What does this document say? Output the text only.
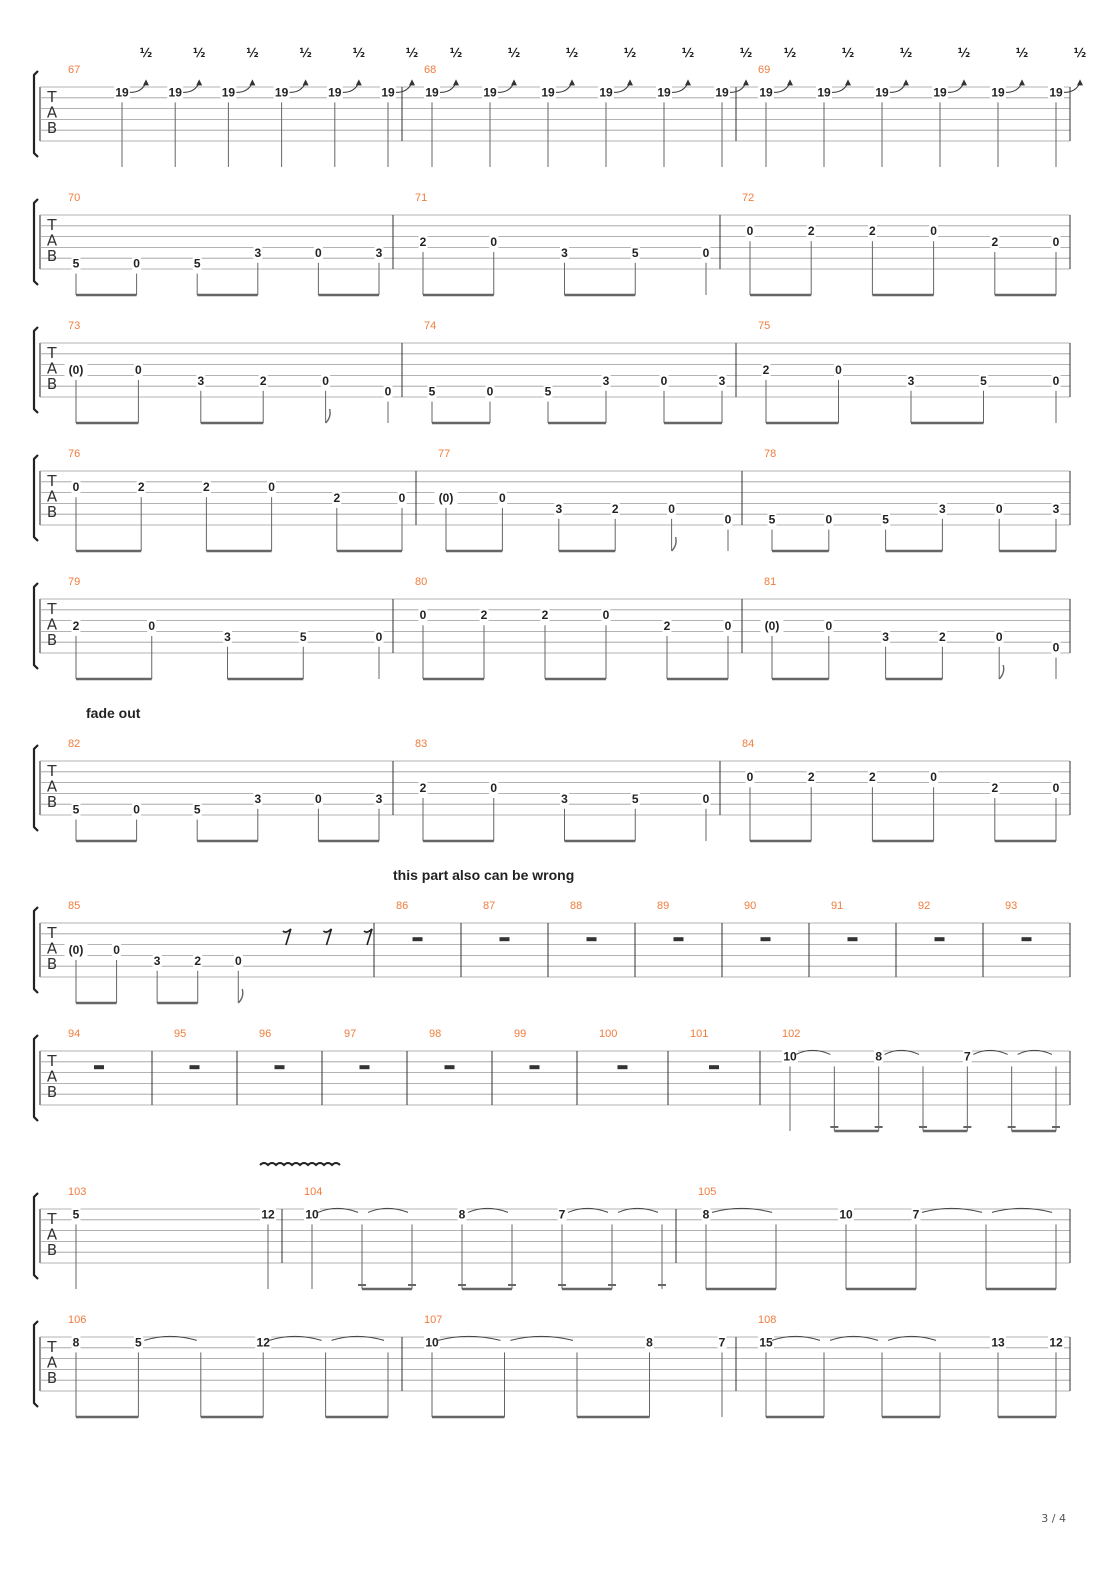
T
A
B
67
19
½
19
½
19
½
19
½
19
½
19
½
68
19
½
19
½
19
½
19
½
19
½
19
½
69
19
½
19
½
19
½
19
½
19
½
19
½
T
A
B
70
5	0	5
3	0	3
71
2	0
3	5	0
72
0	2	2	0
2	0
T
A
B
73
(0)	0
3	2	0
0
74
5	0	5
3	0	3
75
2	0
3	5	0
T
A
B
76
0	2	2	0
2	0
77
(0)	0
3	2	0
0
78
5	0	5
3	0	3
T
A
B
79
2	0
3	5	0
80
0	2	2	0
2	0
81
(0)	0
3	2	0
0
T
A
B
82
5	0	5
3	0	3
83
2	0
3	5	0
84
0	2	2	0
2	0
T
A
B
85
(0) 0
3	2	0
86	87	88	89	90	91	92	93
T
A
B
94	95	96	97	98	99	100	101	102
10	8	7
T
A
B
103
5	12
104
10	8	7
105
8	10	7
T
A
B
106
8	5	12
107
10	8	7
108
15	13	12
fade out
this part also can be wrong
3 / 4
